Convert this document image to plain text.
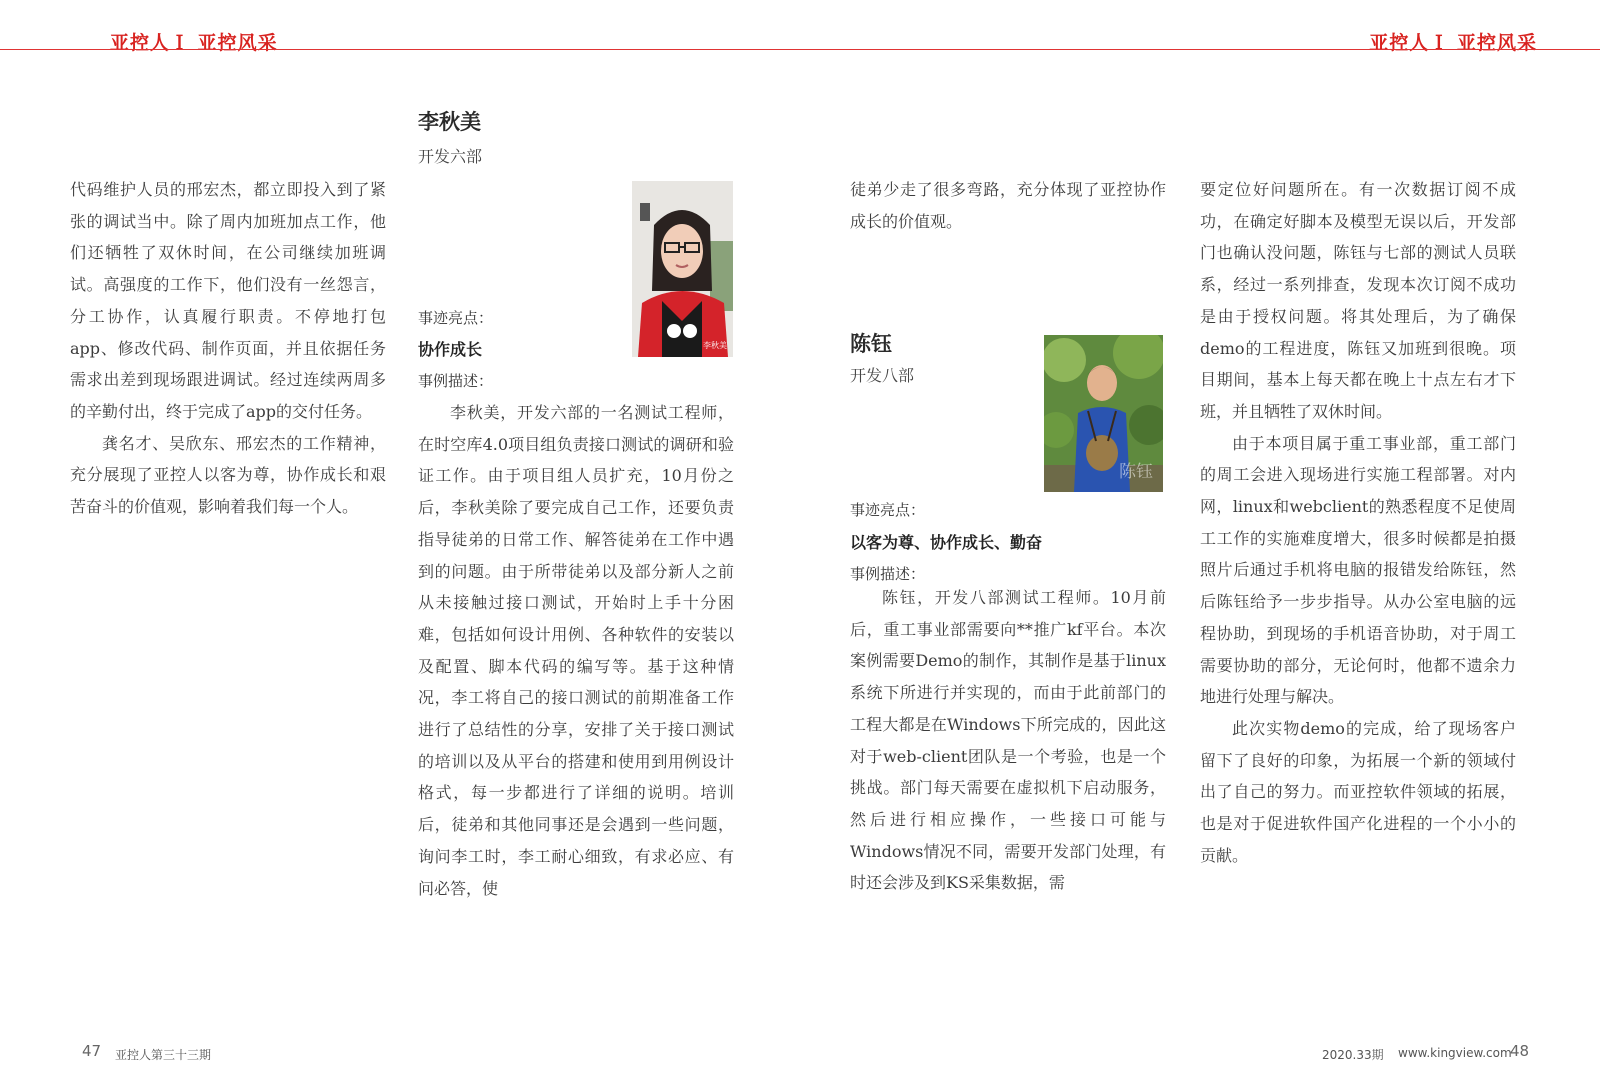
亚控人Ｉ 亚控风采	亚控人Ｉ 亚控风采

代码维护人员的邢宏杰，都立即投入到了紧张的调试当中。除了周内加班加点工作，他们还牺牲了双休时间，在公司继续加班调试。高强度的工作下，他们没有一丝怨言，分工协作，认真履行职责。不停地打包app、修改代码、制作页面，并且依据任务需求出差到现场跟进调试。经过连续两周多的辛勤付出，终于完成了app的交付任务。

龚名才、吴欣东、邢宏杰的工作精神，充分展现了亚控人以客为尊，协作成长和艰苦奋斗的价值观，影响着我们每一个人。

李秋美
开发六部
李秋美
事迹亮点：
协作成长
事例描述：

李秋美，开发六部的一名测试工程师，在时空库4.0项目组负责接口测试的调研和验证工作。由于项目组人员扩充，10月份之后，李秋美除了要完成自己工作，还要负责指导徒弟的日常工作、解答徒弟在工作中遇到的问题。由于所带徒弟以及部分新人之前从未接触过接口测试，开始时上手十分困难，包括如何设计用例、各种软件的安装以及配置、脚本代码的编写等。基于这种情况，李工将自己的接口测试的前期准备工作进行了总结性的分享，安排了关于接口测试的培训以及从平台的搭建和使用到用例设计格式，每一步都进行了详细的说明。培训后，徒弟和其他同事还是会遇到一些问题，询问李工时，李工耐心细致，有求必应、有问必答，使

徒弟少走了很多弯路，充分体现了亚控协作成长的价值观。

陈钰
开发八部
陈钰
事迹亮点：
以客为尊、协作成长、勤奋
事例描述：

陈钰，开发八部测试工程师。10月前后，重工事业部需要向**推广kf平台。本次案例需要Demo的制作，其制作是基于linux系统下所进行并实现的，而由于此前部门的工程大都是在Windows下所完成的，因此这对于web-client团队是一个考验，也是一个挑战。部门每天需要在虚拟机下启动服务，然后进行相应操作，一些接口可能与Windows情况不同，需要开发部门处理，有时还会涉及到KS采集数据，需

要定位好问题所在。有一次数据订阅不成功，在确定好脚本及模型无误以后，开发部门也确认没问题，陈钰与七部的测试人员联系，经过一系列排查，发现本次订阅不成功是由于授权问题。将其处理后，为了确保demo的工程进度，陈钰又加班到很晚。项目期间，基本上每天都在晚上十点左右才下班，并且牺牲了双休时间。

由于本项目属于重工事业部，重工部门的周工会进入现场进行实施工程部署。对内网，linux和webclient的熟悉程度不足使周工工作的实施难度增大，很多时候都是拍摄照片后通过手机将电脑的报错发给陈钰，然后陈钰给予一步步指导。从办公室电脑的远程协助，到现场的手机语音协助，对于周工需要协助的部分，无论何时，他都不遗余力地进行处理与解决。

此次实物demo的完成，给了现场客户留下了良好的印象，为拓展一个新的领域付出了自己的努力。而亚控软件领域的拓展，也是对于促进软件国产化进程的一个小小的贡献。

47 亚控人第三十三期	2020.33期 www.kingview.com
48
